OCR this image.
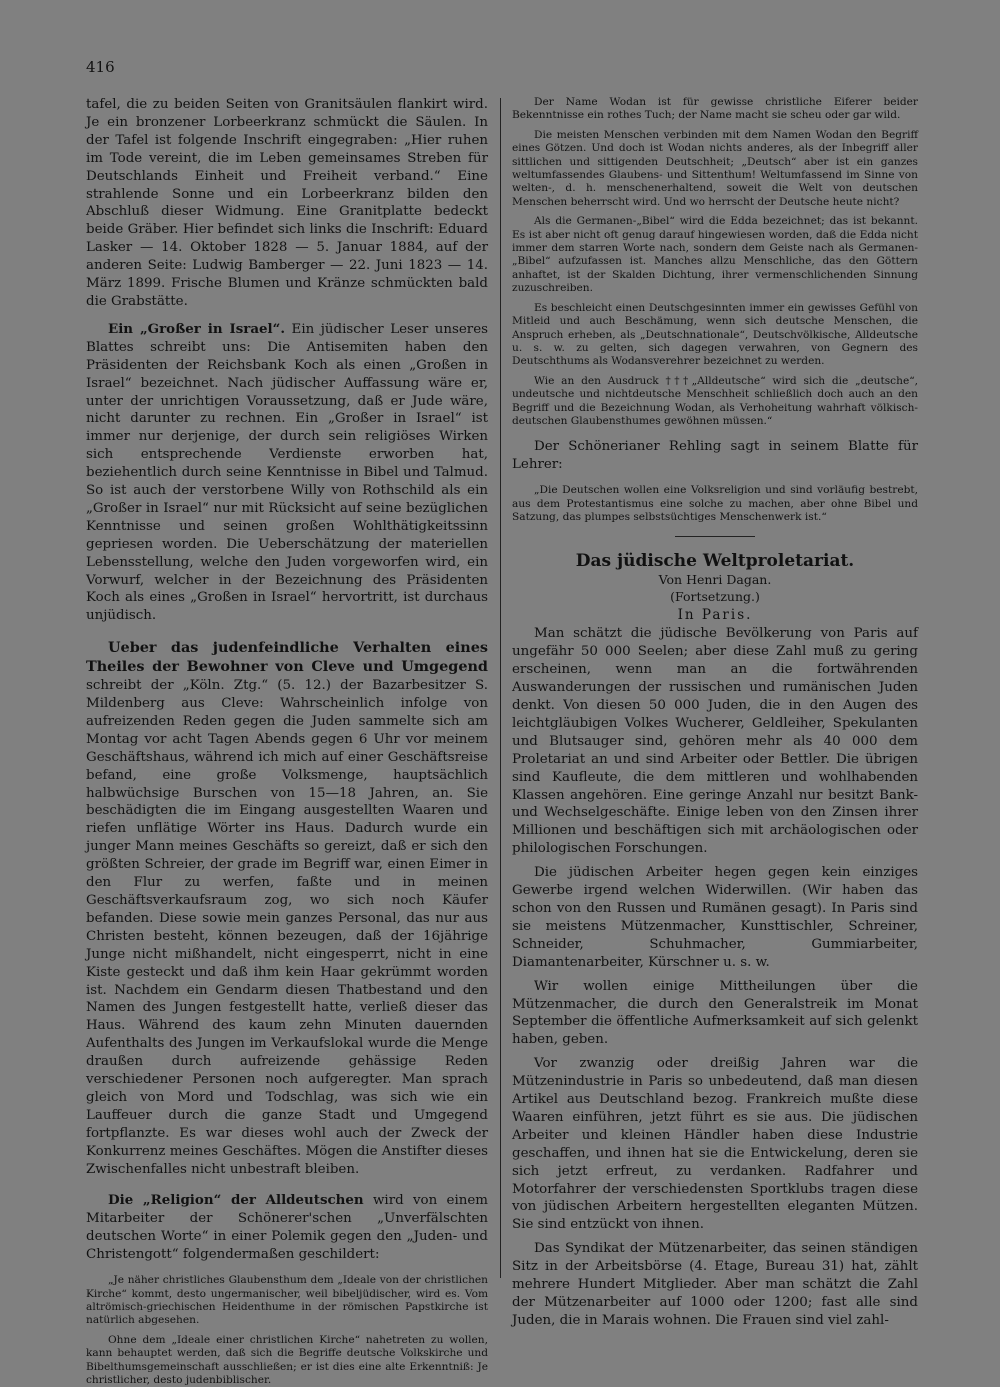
416

tafel, die zu beiden Seiten von Granitsäulen flankirt wird. Je ein bronzener Lorbeerkranz schmückt die Säulen. In der Tafel ist folgende Inschrift eingegraben: „Hier ruhen im Tode vereint, die im Leben gemeinsames Streben für Deutschlands Einheit und Freiheit verband.“ Eine strahlende Sonne und ein Lorbeerkranz bilden den Abschluß dieser Widmung. Eine Granitplatte bedeckt beide Gräber. Hier befindet sich links die Inschrift: Eduard Lasker — 14. Oktober 1828 — 5. Januar 1884, auf der anderen Seite: Ludwig Bamberger — 22. Juni 1823 — 14. März 1899. Frische Blumen und Kränze schmückten bald die Grabstätte.

Ein „Großer in Israel“. Ein jüdischer Leser unseres Blattes schreibt uns: Die Antisemiten haben den Präsidenten der Reichsbank Koch als einen „Großen in Israel“ bezeichnet. Nach jüdischer Auffassung wäre er, unter der unrichtigen Voraussetzung, daß er Jude wäre, nicht darunter zu rechnen. Ein „Großer in Israel“ ist immer nur derjenige, der durch sein religiöses Wirken sich entsprechende Verdienste erworben hat, beziehentlich durch seine Kenntnisse in Bibel und Talmud. So ist auch der verstorbene Willy von Rothschild als ein „Großer in Israel“ nur mit Rücksicht auf seine bezüglichen Kenntnisse und seinen großen Wohlthätigkeitssinn gepriesen worden. Die Ueberschätzung der materiellen Lebensstellung, welche den Juden vorgeworfen wird, ein Vorwurf, welcher in der Bezeichnung des Präsidenten Koch als eines „Großen in Israel“ hervortritt, ist durchaus unjüdisch.

Ueber das judenfeindliche Verhalten eines Theiles der Bewohner von Cleve und Umgegend schreibt der „Köln. Ztg.“ (5. 12.) der Bazarbesitzer S. Mildenberg aus Cleve: Wahrscheinlich infolge von aufreizenden Reden gegen die Juden sammelte sich am Montag vor acht Tagen Abends gegen 6 Uhr vor meinem Geschäftshaus, während ich mich auf einer Geschäftsreise befand, eine große Volksmenge, hauptsächlich halbwüchsige Burschen von 15—18 Jahren, an. Sie beschädigten die im Eingang ausgestellten Waaren und riefen unflätige Wörter ins Haus. Dadurch wurde ein junger Mann meines Geschäfts so gereizt, daß er sich den größten Schreier, der grade im Begriff war, einen Eimer in den Flur zu werfen, faßte und in meinen Geschäftsverkaufsraum zog, wo sich noch Käufer befanden. Diese sowie mein ganzes Personal, das nur aus Christen besteht, können bezeugen, daß der 16jährige Junge nicht mißhandelt, nicht eingesperrt, nicht in eine Kiste gesteckt und daß ihm kein Haar gekrümmt worden ist. Nachdem ein Gendarm diesen Thatbestand und den Namen des Jungen festgestellt hatte, verließ dieser das Haus. Während des kaum zehn Minuten dauernden Aufenthalts des Jungen im Verkaufslokal wurde die Menge draußen durch aufreizende gehässige Reden verschiedener Personen noch aufgeregter. Man sprach gleich von Mord und Todschlag, was sich wie ein Lauffeuer durch die ganze Stadt und Umgegend fortpflanzte. Es war dieses wohl auch der Zweck der Konkurrenz meines Geschäftes. Mögen die Anstifter dieses Zwischenfalles nicht unbestraft bleiben.

Die „Religion“ der Alldeutschen wird von einem Mitarbeiter der Schönerer'schen „Unverfälschten deutschen Worte“ in einer Polemik gegen den „Juden- und Christengott“ folgendermaßen geschildert:

„Je näher christliches Glaubensthum dem „Ideale von der christlichen Kirche“ kommt, desto ungermanischer, weil bibeljüdischer, wird es. Vom altrömisch-griechischen Heidenthume in der römischen Papstkirche ist natürlich abgesehen.

Ohne dem „Ideale einer christlichen Kirche“ nahetreten zu wollen, kann behauptet werden, daß sich die Begriffe deutsche Volkskirche und Bibelthumsgemeinschaft ausschließen; er ist dies eine alte Erkenntniß: Je christlicher, desto judenbiblischer.

Der Name Wodan ist für gewisse christliche Eiferer beider Bekenntnisse ein rothes Tuch; der Name macht sie scheu oder gar wild.

Die meisten Menschen verbinden mit dem Namen Wodan den Begriff eines Götzen. Und doch ist Wodan nichts anderes, als der Inbegriff aller sittlichen und sittigenden Deutschheit; „Deutsch“ aber ist ein ganzes weltumfassendes Glaubens- und Sittenthum! Weltumfassend im Sinne von welten-, d. h. menschenerhaltend, soweit die Welt von deutschen Menschen beherrscht wird. Und wo herrscht der Deutsche heute nicht?

Als die Germanen-„Bibel“ wird die Edda bezeichnet; das ist bekannt. Es ist aber nicht oft genug darauf hingewiesen worden, daß die Edda nicht immer dem starren Worte nach, sondern dem Geiste nach als Germanen-„Bibel“ aufzufassen ist. Manches allzu Menschliche, das den Göttern anhaftet, ist der Skalden Dichtung, ihrer vermenschlichenden Sinnung zuzuschreiben.

Es beschleicht einen Deutschgesinnten immer ein gewisses Gefühl von Mitleid und auch Beschämung, wenn sich deutsche Menschen, die Anspruch erheben, als „Deutschnationale“, Deutschvölkische, Alldeutsche u. s. w. zu gelten, sich dagegen verwahren, von Gegnern des Deutschthums als Wodansverehrer bezeichnet zu werden.

Wie an den Ausdruck †††„Alldeutsche“ wird sich die „deutsche“, undeutsche und nichtdeutsche Menschheit schließlich doch auch an den Begriff und die Bezeichnung Wodan, als Verhoheitung wahrhaft völkisch-deutschen Glaubensthumes gewöhnen müssen.“

Der Schönerianer Rehling sagt in seinem Blatte für Lehrer:

„Die Deutschen wollen eine Volksreligion und sind vorläufig bestrebt, aus dem Protestantismus eine solche zu machen, aber ohne Bibel und Satzung, das plumpes selbstsüchtiges Menschenwerk ist.“

Das jüdische Weltproletariat.
Von Henri Dagan.
(Fortsetzung.)
In Paris.

Man schätzt die jüdische Bevölkerung von Paris auf ungefähr 50 000 Seelen; aber diese Zahl muß zu gering erscheinen, wenn man an die fortwährenden Auswanderungen der russischen und rumänischen Juden denkt. Von diesen 50 000 Juden, die in den Augen des leichtgläubigen Volkes Wucherer, Geldleiher, Spekulanten und Blutsauger sind, gehören mehr als 40 000 dem Proletariat an und sind Arbeiter oder Bettler. Die übrigen sind Kaufleute, die dem mittleren und wohlhabenden Klassen angehören. Eine geringe Anzahl nur besitzt Bank- und Wechselgeschäfte. Einige leben von den Zinsen ihrer Millionen und beschäftigen sich mit archäologischen oder philologischen Forschungen.

Die jüdischen Arbeiter hegen gegen kein einziges Gewerbe irgend welchen Widerwillen. (Wir haben das schon von den Russen und Rumänen gesagt). In Paris sind sie meistens Mützenmacher, Kunsttischler, Schreiner, Schneider, Schuhmacher, Gummiarbeiter, Diamantenarbeiter, Kürschner u. s. w.

Wir wollen einige Mittheilungen über die Mützenmacher, die durch den Generalstreik im Monat September die öffentliche Aufmerksamkeit auf sich gelenkt haben, geben.

Vor zwanzig oder dreißig Jahren war die Mützenindustrie in Paris so unbedeutend, daß man diesen Artikel aus Deutschland bezog. Frankreich mußte diese Waaren einführen, jetzt führt es sie aus. Die jüdischen Arbeiter und kleinen Händler haben diese Industrie geschaffen, und ihnen hat sie die Entwickelung, deren sie sich jetzt erfreut, zu verdanken. Radfahrer und Motorfahrer der verschiedensten Sportklubs tragen diese von jüdischen Arbeitern hergestellten eleganten Mützen. Sie sind entzückt von ihnen.

Das Syndikat der Mützenarbeiter, das seinen ständigen Sitz in der Arbeitsbörse (4. Etage, Bureau 31) hat, zählt mehrere Hundert Mitglieder. Aber man schätzt die Zahl der Mützenarbeiter auf 1000 oder 1200; fast alle sind Juden, die in Marais wohnen. Die Frauen sind viel zahl-
